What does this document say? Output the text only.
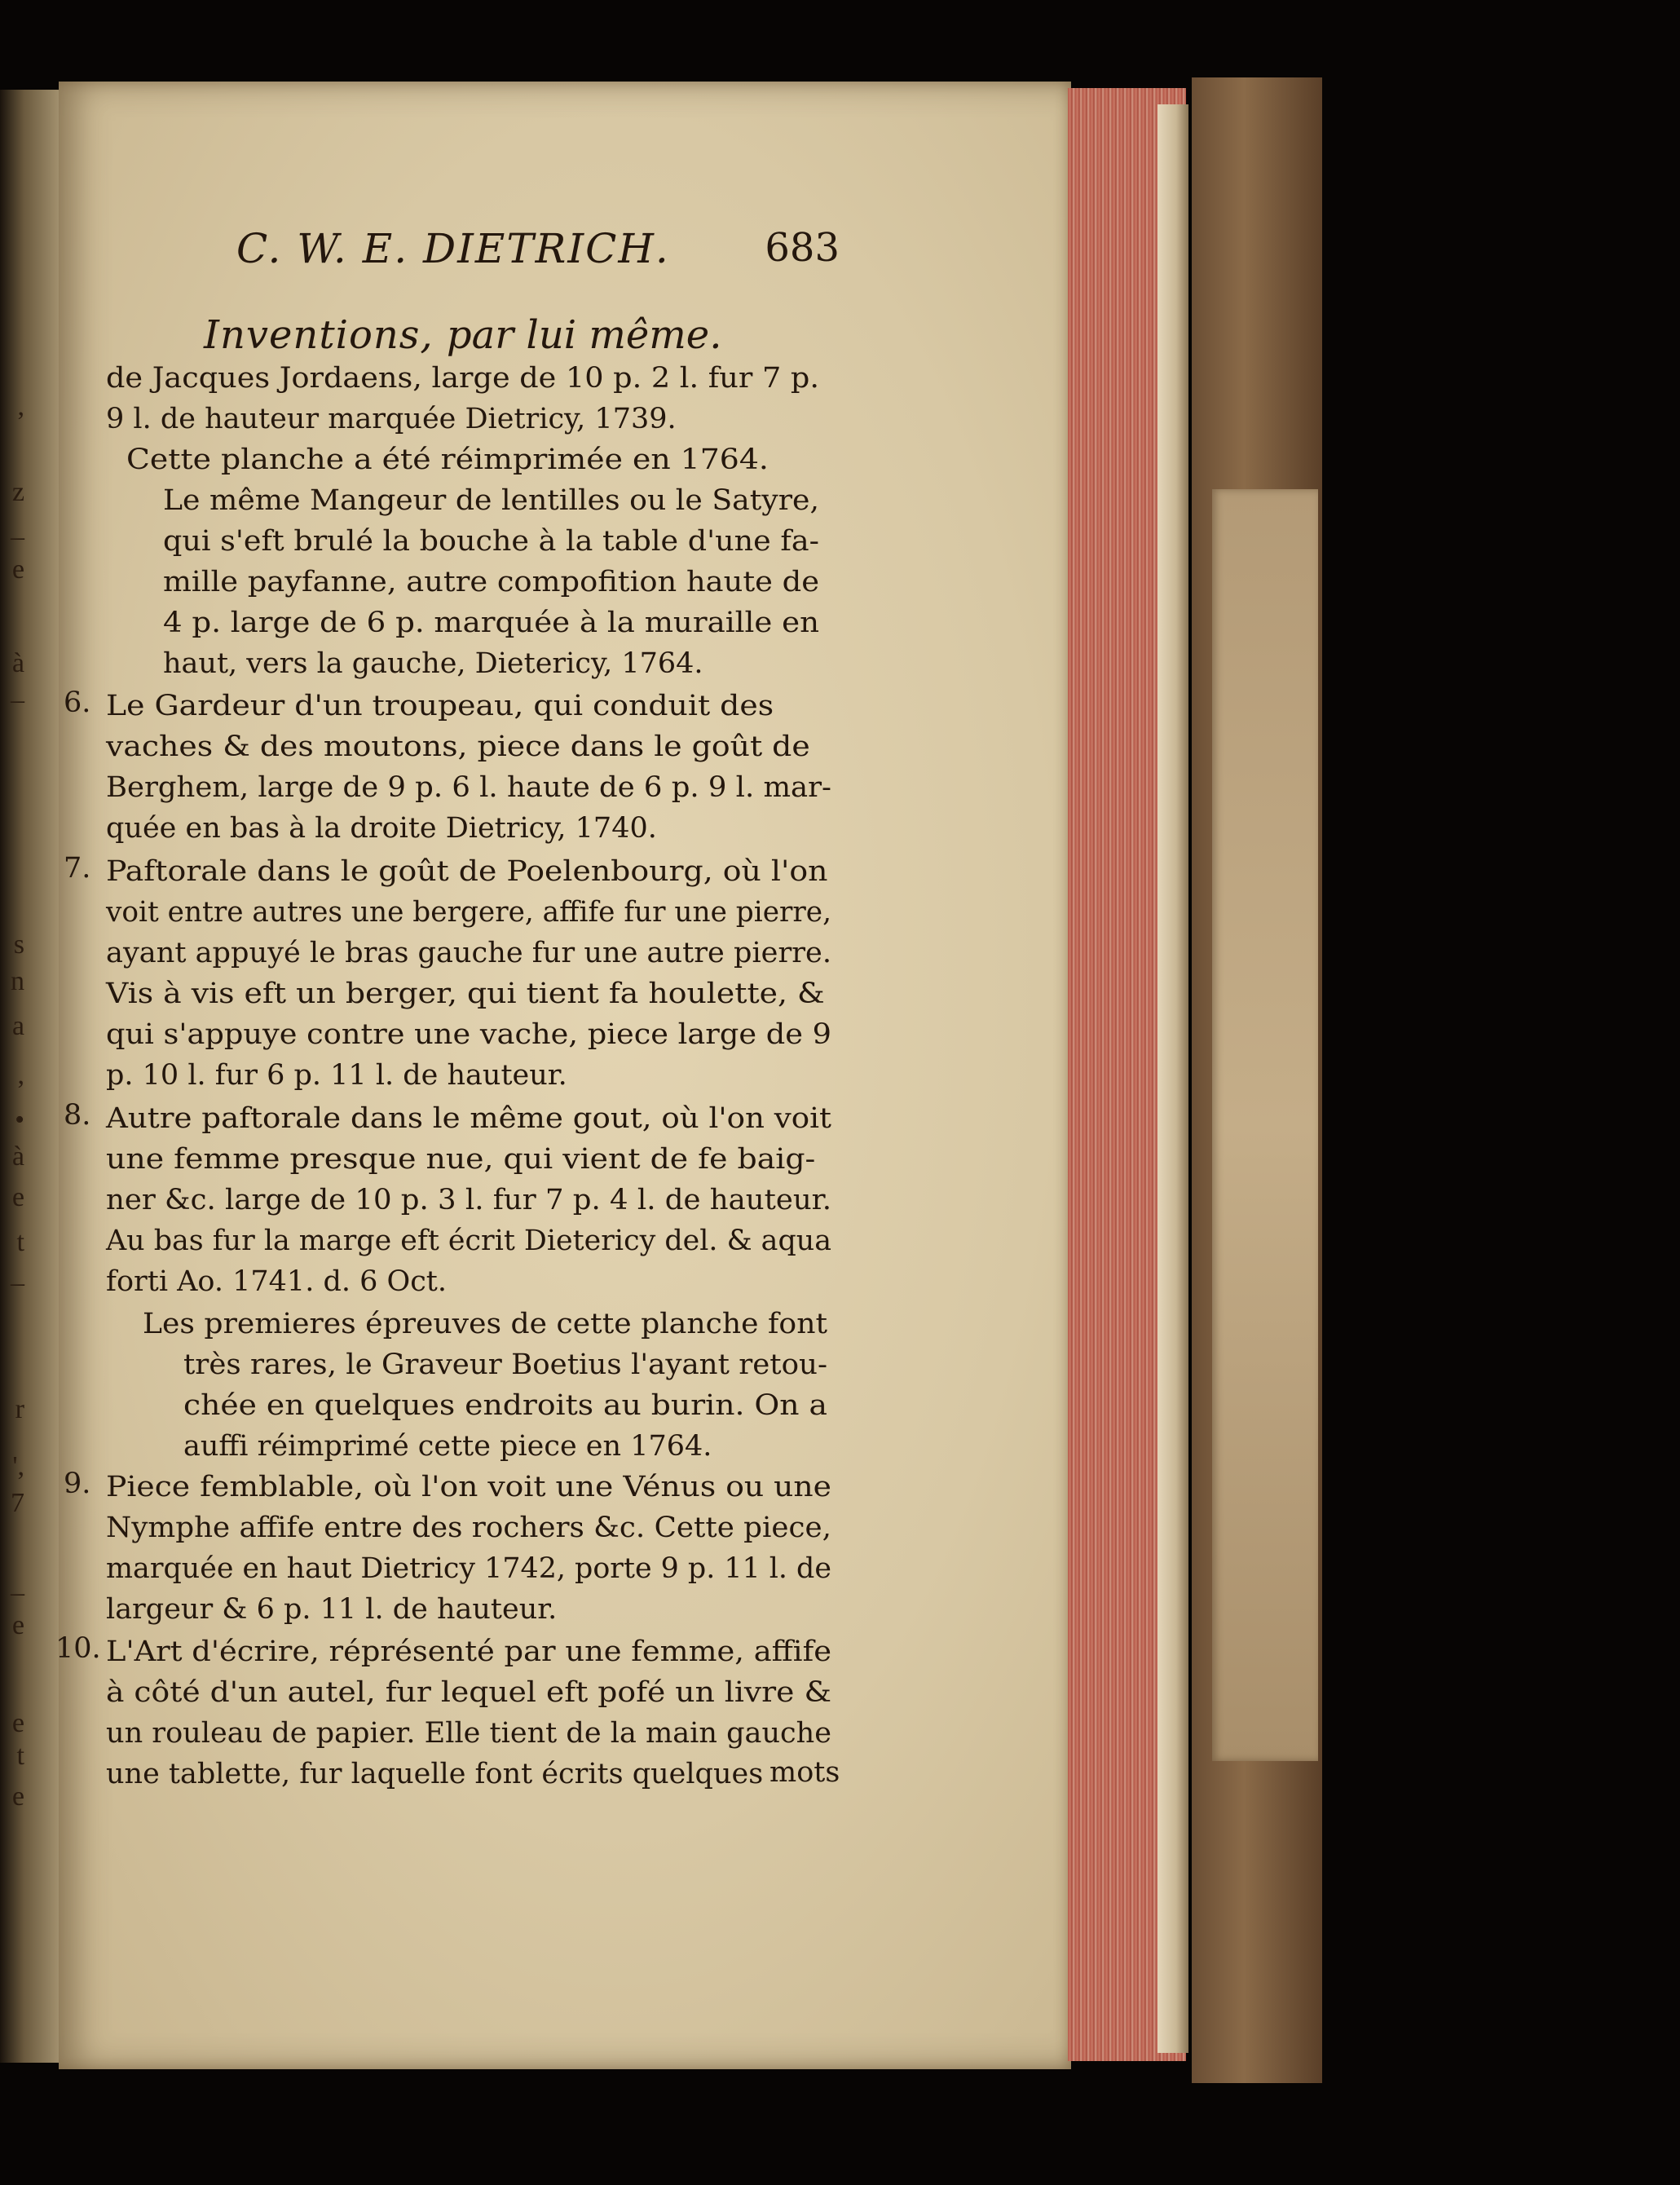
,
z
–
e
à
–
s
n
a
,
•
à
e
t
–
r
',
7
–
e
e
t
e
C. W. E. DIETRICH. 683
Inventions, par lui même.
de Jacques Jordaens, large de 10 p. 2 l. fur 7 p.
9 l. de hauteur marquée Dietricy, 1739.
Cette planche a été réimprimée en 1764.
Le même Mangeur de lentilles ou le Satyre,
qui s'eft brulé la bouche à la table d'une fa-
mille payfanne, autre compofition haute de
4 p. large de 6 p. marquée à la muraille en
haut, vers la gauche, Dietericy, 1764.
6. Le Gardeur d'un troupeau, qui conduit des
vaches & des moutons, piece dans le goût de
Berghem, large de 9 p. 6 l. haute de 6 p. 9 l. mar-
quée en bas à la droite Dietricy, 1740.
7. Paftorale dans le goût de Poelenbourg, où l'on
voit entre autres une bergere, affife fur une pierre,
ayant appuyé le bras gauche fur une autre pierre.
Vis à vis eft un berger, qui tient fa houlette, &
qui s'appuye contre une vache, piece large de 9
p. 10 l. fur 6 p. 11 l. de hauteur.
8. Autre paftorale dans le même gout, où l'on voit
une femme presque nue, qui vient de fe baig-
ner &c. large de 10 p. 3 l. fur 7 p. 4 l. de hauteur.
Au bas fur la marge eft écrit Dietericy del. & aqua
forti Ao. 1741. d. 6 Oct.
Les premieres épreuves de cette planche font
très rares, le Graveur Boetius l'ayant retou-
chée en quelques endroits au burin. On a
auffi réimprimé cette piece en 1764.
9. Piece femblable, où l'on voit une Vénus ou une
Nymphe affife entre des rochers &c. Cette piece,
marquée en haut Dietricy 1742, porte 9 p. 11 l. de
largeur & 6 p. 11 l. de hauteur.
10. L'Art d'écrire, réprésenté par une femme, affife
à côté d'un autel, fur lequel eft pofé un livre &
un rouleau de papier. Elle tient de la main gauche
une tablette, fur laquelle font écrits quelques mots
